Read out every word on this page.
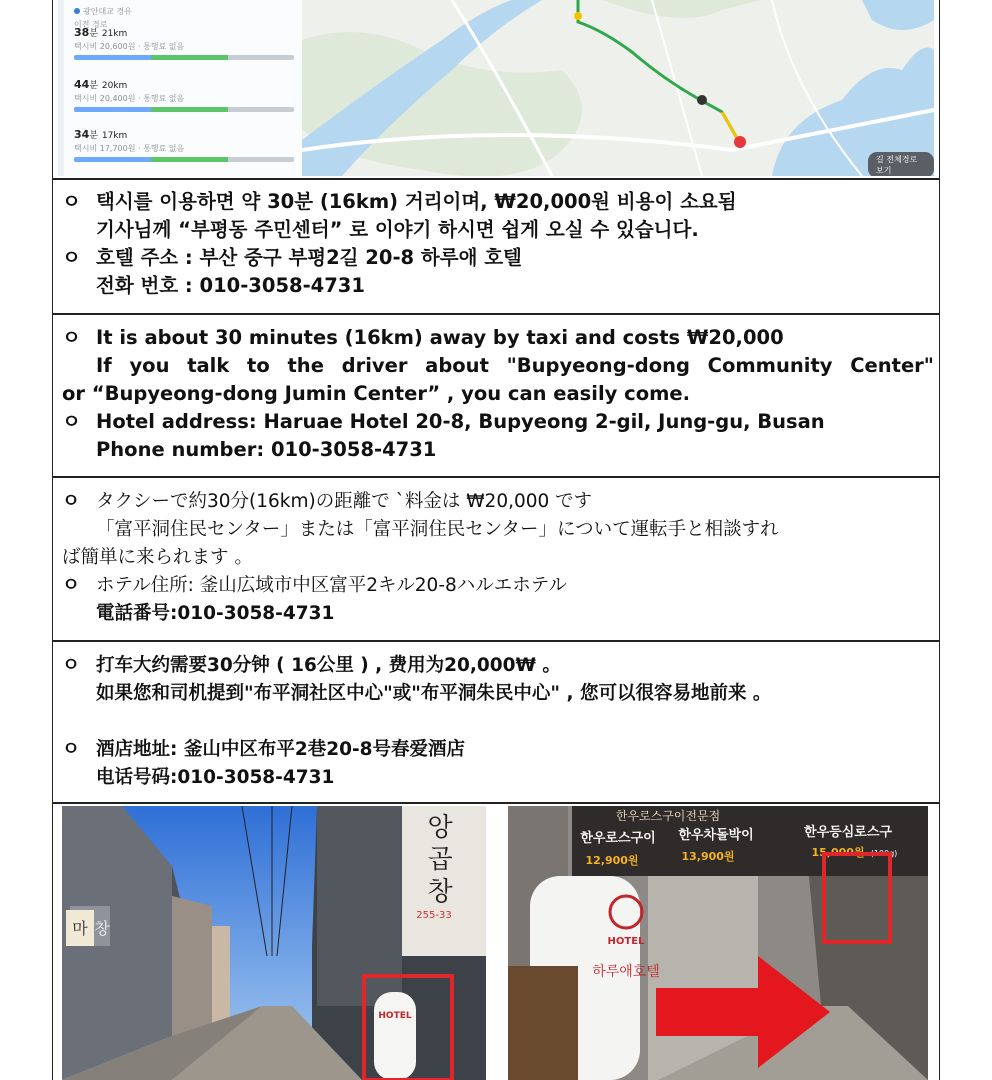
광안대교 경유
이전 경로
38분 21km
택시비 20,600원 · 통행료 없음
44분 20km
택시비 20,400원 · 통행료 없음
34분 17km
택시비 17,700원 · 통행료 없음
길 전체경로 보기
ㅇ 택시를 이용하면 약 30분 (16km) 거리이며, ₩20,000원 비용이 소요됨
기사님께 “부평동 주민센터” 로 이야기 하시면 쉽게 오실 수 있습니다.
ㅇ 호텔 주소 : 부산 중구 부평2길 20-8 하루애 호텔
전화 번호 : 010-3058-4731
ㅇ It is about 30 minutes (16km) away by taxi and costs ₩20,000
If you talk to the driver about "Bupyeong-dong Community Center"
or “Bupyeong-dong Jumin Center” , you can easily come.
ㅇ Hotel address: Haruae Hotel 20-8, Bupyeong 2-gil, Jung-gu, Busan
Phone number: 010-3058-4731
ㅇ タクシーで約30分(16km)の距離で ˋ料金は ₩20,000 です
「富平洞住民センター」または「富平洞住民センター」について運転手と相談すれ
ば簡単に来られます 。
ㅇ ホテル住所: 釜山広域市中区富平2キル20-8ハルエホテル
電話番号:010-3058-4731
ㅇ 打车大约需要30分钟 ( 16公里 ) , 费用为20,000₩ 。
如果您和司机提到"布平洞社区中心"或"布平洞朱民中心" , 您可以很容易地前来 。
ㅇ 酒店地址: 釜山中区布平2巷20-8号春爱酒店
电话号码:010-3058-4731
앙
곱
창
255-33
마 창
HOTEL
한우로스구이전문점
한우로스구이 한우차돌박이	한우등심로스구
12,900원	13,900원	15,000원 (100g)
HOTEL
하루애호텔
